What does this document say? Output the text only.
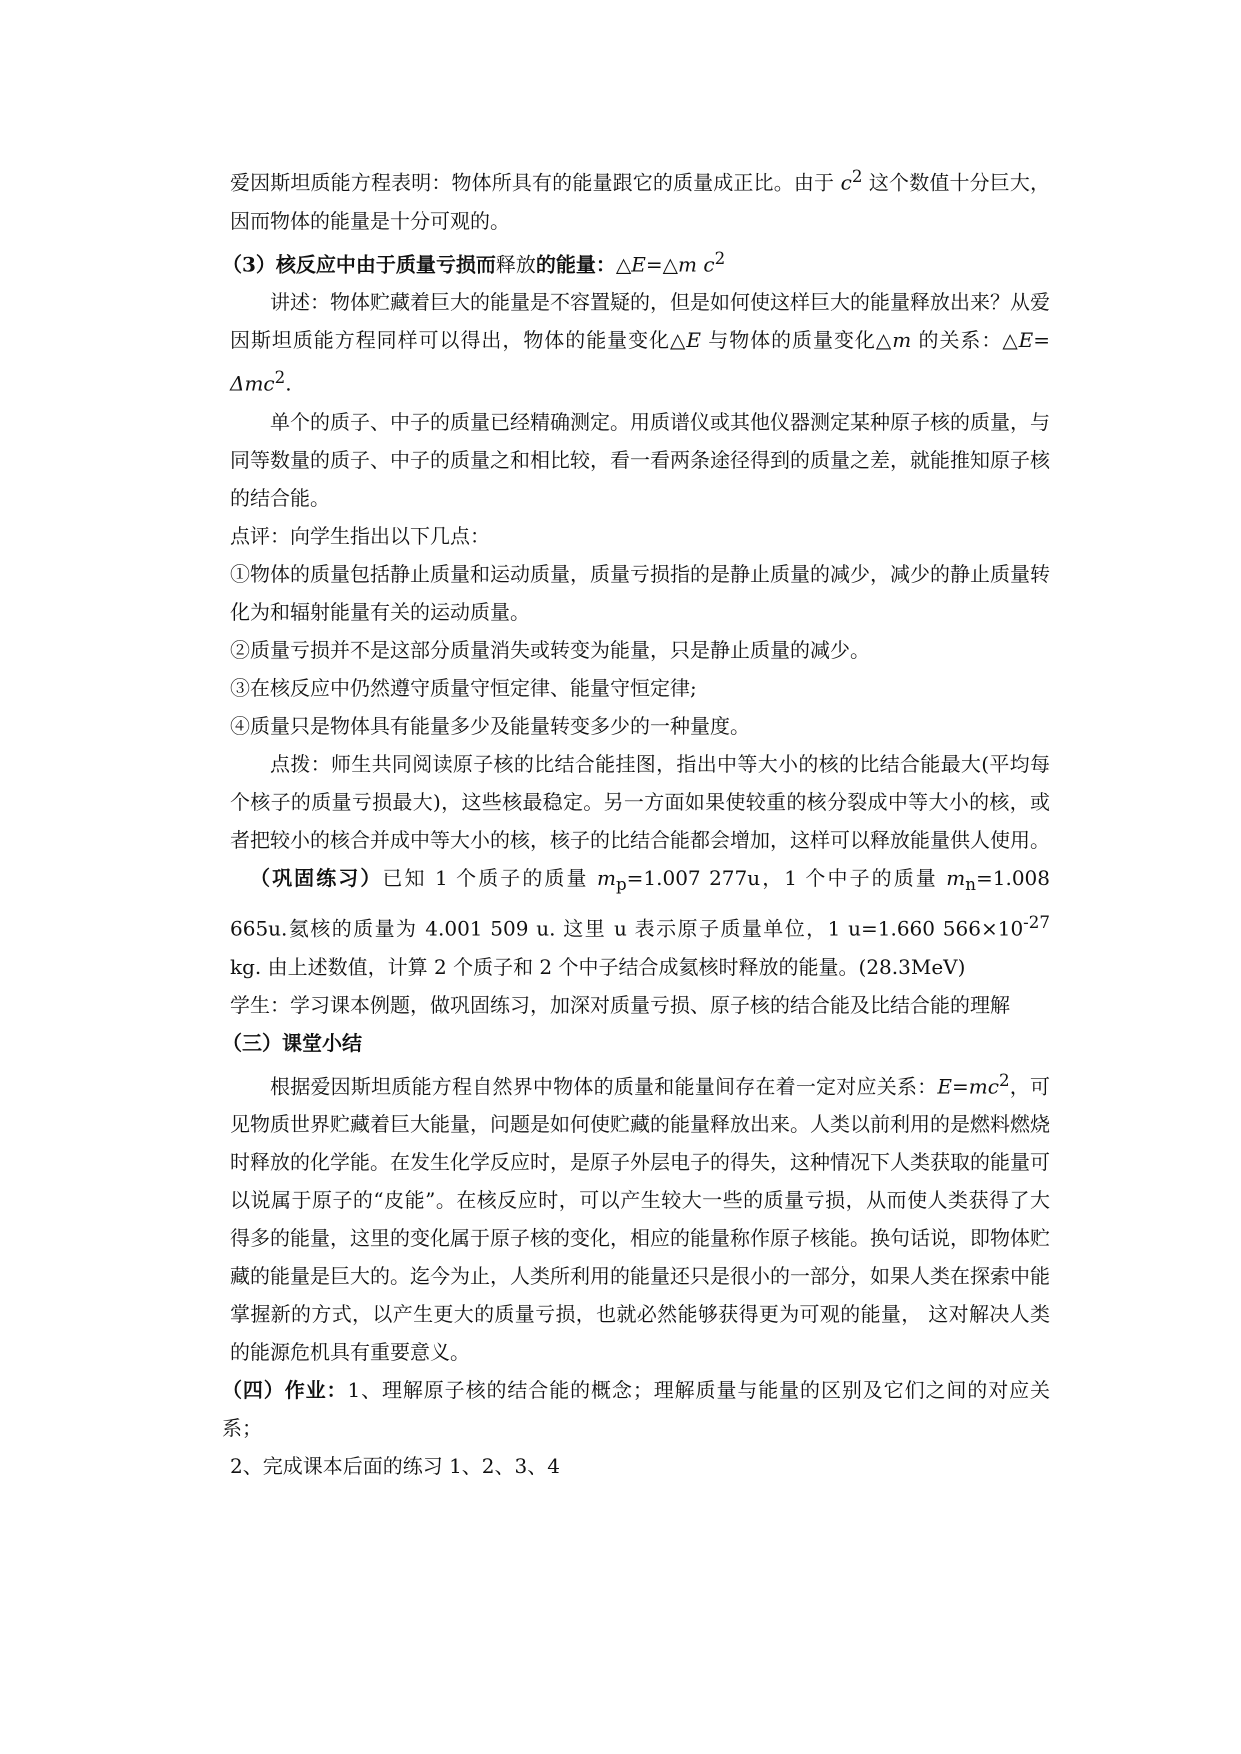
爱因斯坦质能方程表明：物体所具有的能量跟它的质量成正比。由于 $c^2$ 这个数值十分巨大，因而物体的能量是十分可观的。

（3）核反应中由于质量亏损而释放的能量：△E=△m $c^2$

讲述：物体贮藏着巨大的能量是不容置疑的，但是如何使这样巨大的能量释放出来？从爱因斯坦质能方程同样可以得出，物体的能量变化△E 与物体的质量变化△m 的关系：△E= Δmc$^2$.

单个的质子、中子的质量已经精确测定。用质谱仪或其他仪器测定某种原子核的质量，与同等数量的质子、中子的质量之和相比较，看一看两条途径得到的质量之差，就能推知原子核的结合能。

点评：向学生指出以下几点：

①物体的质量包括静止质量和运动质量，质量亏损指的是静止质量的减少，减少的静止质量转化为和辐射能量有关的运动质量。

②质量亏损并不是这部分质量消失或转变为能量，只是静止质量的减少。

③在核反应中仍然遵守质量守恒定律、能量守恒定律;

④质量只是物体具有能量多少及能量转变多少的一种量度。

点拨：师生共同阅读原子核的比结合能挂图，指出中等大小的核的比结合能最大(平均每个核子的质量亏损最大)，这些核最稳定。另一方面如果使较重的核分裂成中等大小的核，或者把较小的核合并成中等大小的核，核子的比结合能都会增加，这样可以释放能量供人使用。

（巩固练习）已知 1 个质子的质量 $m_p=1.007$ 277u，1 个中子的质量 $m_n=1.008$ 665u.氦核的质量为 4.001 509 u. 这里 u 表示原子质量单位，1 u=1.660 $566\times 10^{-27}$ kg. 由上述数值，计算 2 个质子和 2 个中子结合成氦核时释放的能量。(28.3MeV)

学生：学习课本例题，做巩固练习，加深对质量亏损、原子核的结合能及比结合能的理解

（三）课堂小结

根据爱因斯坦质能方程自然界中物体的质量和能量间存在着一定对应关系：$E=mc^2$，可见物质世界贮藏着巨大能量，问题是如何使贮藏的能量释放出来。人类以前利用的是燃料燃烧时释放的化学能。在发生化学反应时，是原子外层电子的得失，这种情况下人类获取的能量可以说属于原子的“皮能”。在核反应时，可以产生较大一些的质量亏损，从而使人类获得了大得多的能量，这里的变化属于原子核的变化，相应的能量称作原子核能。换句话说，即物体贮藏的能量是巨大的。迄今为止，人类所利用的能量还只是很小的一部分，如果人类在探索中能掌握新的方式，以产生更大的质量亏损，也就必然能够获得更为可观的能量， 这对解决人类的能源危机具有重要意义。

（四）作业：1、理解原子核的结合能的概念；理解质量与能量的区别及它们之间的对应关系；

2、完成课本后面的练习 1、2、3、4
